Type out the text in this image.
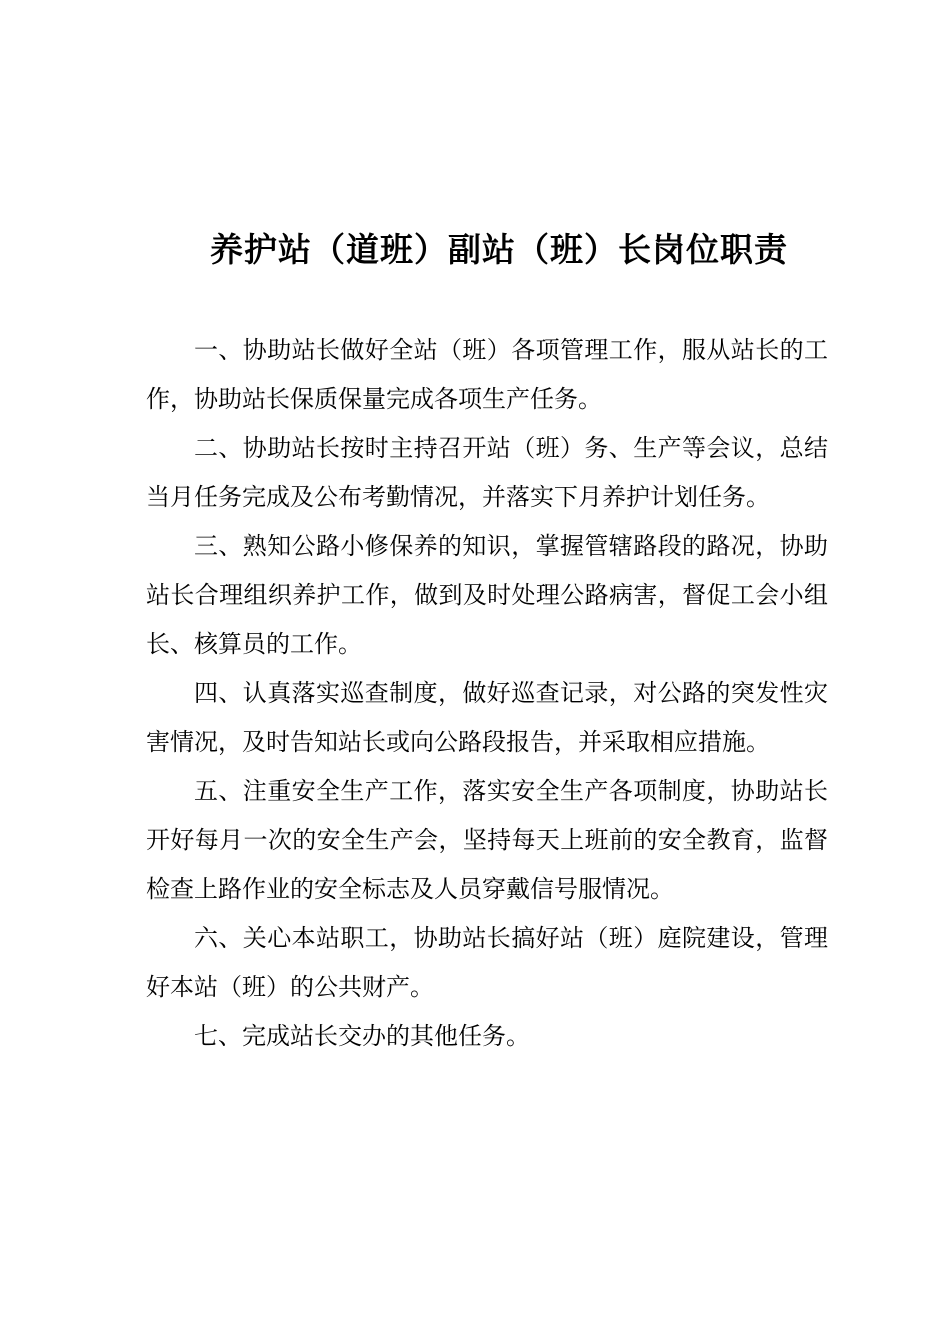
养护站（道班）副站（班）长岗位职责

一、协助站长做好全站（班）各项管理工作，服从站长的工作，协助站长保质保量完成各项生产任务。

二、协助站长按时主持召开站（班）务、生产等会议，总结当月任务完成及公布考勤情况，并落实下月养护计划任务。

三、熟知公路小修保养的知识，掌握管辖路段的路况，协助站长合理组织养护工作，做到及时处理公路病害，督促工会小组长、核算员的工作。

四、认真落实巡查制度，做好巡查记录，对公路的突发性灾害情况，及时告知站长或向公路段报告，并采取相应措施。

五、注重安全生产工作，落实安全生产各项制度，协助站长开好每月一次的安全生产会，坚持每天上班前的安全教育，监督检查上路作业的安全标志及人员穿戴信号服情况。

六、关心本站职工，协助站长搞好站（班）庭院建设，管理好本站（班）的公共财产。

七、完成站长交办的其他任务。
